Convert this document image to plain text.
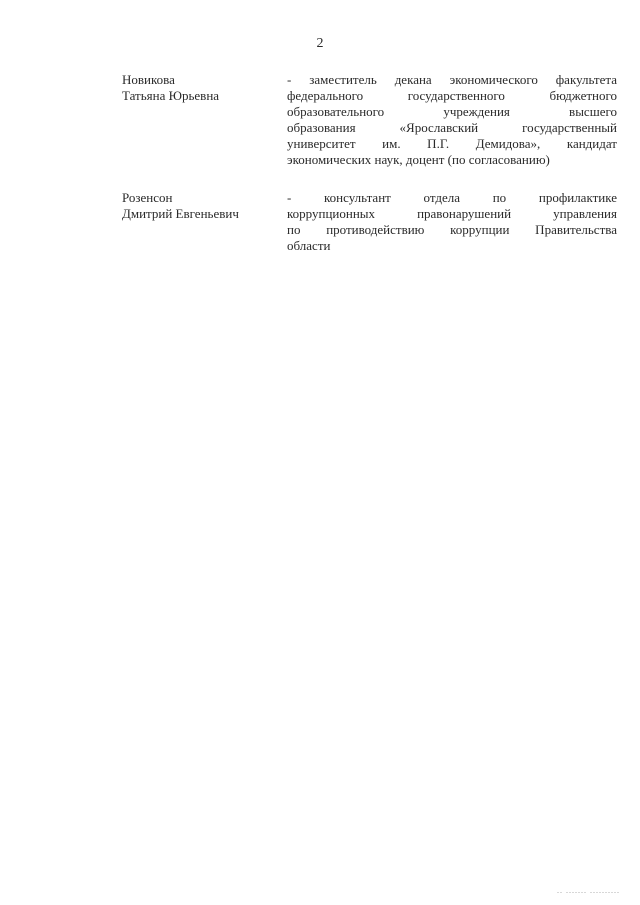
2
Новикова
Татьяна Юрьевна
- заместитель декана экономического факультета
федерального государственного бюджетного
образовательного учреждения высшего
образования «Ярославский государственный
университет им. П.Г. Демидова», кандидат
экономических наук, доцент (по согласованию)
Розенсон
Дмитрий Евгеньевич
- консультант отдела по профилактике
коррупционных правонарушений управления
по противодействию коррупции Правительства
области
.. ....... ..........
